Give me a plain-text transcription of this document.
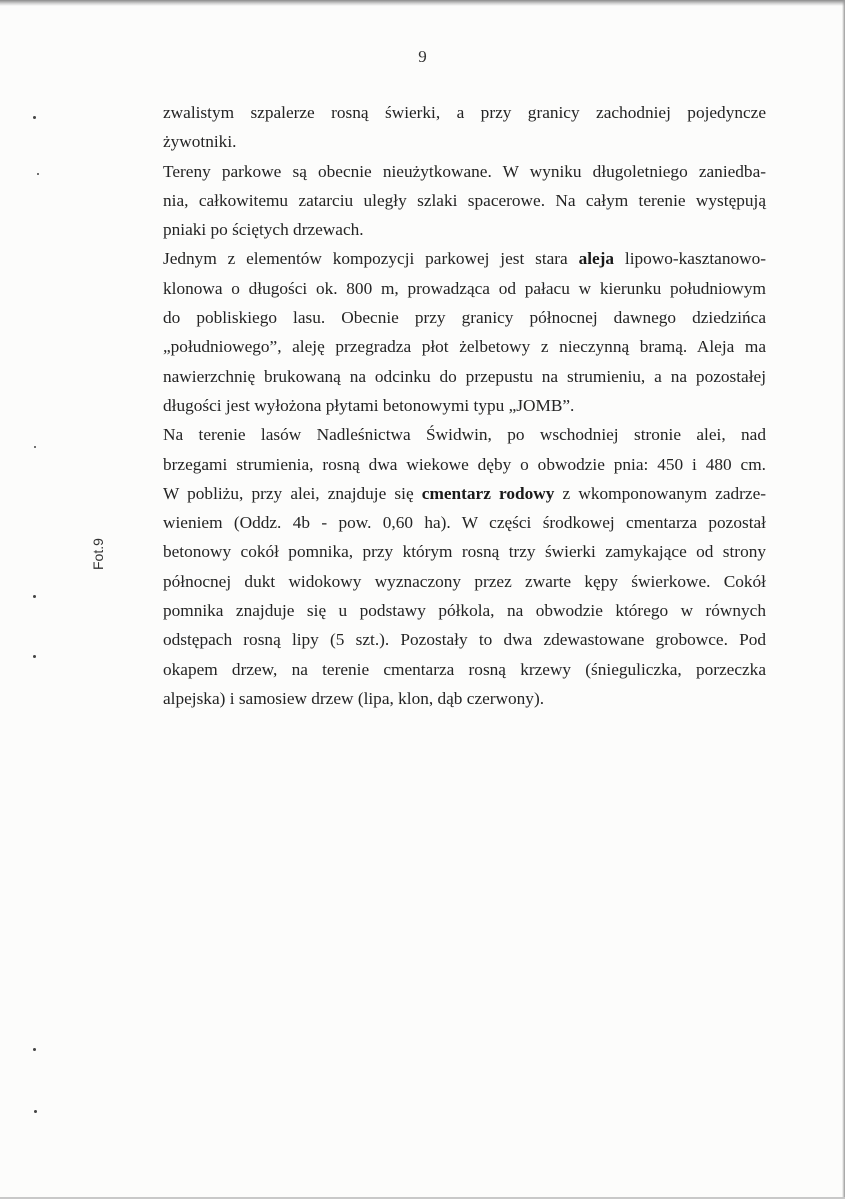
9
zwalistym szpalerze rosną świerki, a przy granicy zachodniej pojedyncze
żywotniki.
Tereny parkowe są obecnie nieużytkowane. W wyniku długoletniego zaniedba-
nia, całkowitemu zatarciu uległy szlaki spacerowe. Na całym terenie występują
pniaki po ściętych drzewach.
Jednym z elementów kompozycji parkowej jest stara aleja lipowo-kasztanowo-
klonowa o długości ok. 800 m, prowadząca od pałacu w kierunku południowym
do pobliskiego lasu. Obecnie przy granicy północnej dawnego dziedzińca
„południowego”, aleję przegradza płot żelbetowy z nieczynną bramą. Aleja ma
nawierzchnię brukowaną na odcinku do przepustu na strumieniu, a na pozostałej
długości jest wyłożona płytami betonowymi typu „JOMB”.
Na terenie lasów Nadleśnictwa Świdwin, po wschodniej stronie alei, nad
brzegami strumienia, rosną dwa wiekowe dęby o obwodzie pnia: 450 i 480 cm.
W pobliżu, przy alei, znajduje się cmentarz rodowy z wkomponowanym zadrze-
wieniem (Oddz. 4b - pow. 0,60 ha). W części środkowej cmentarza pozostał
betonowy cokół pomnika, przy którym rosną trzy świerki zamykające od strony
północnej dukt widokowy wyznaczony przez zwarte kępy świerkowe. Cokół
pomnika znajduje się u podstawy półkola, na obwodzie którego w równych
odstępach rosną lipy (5 szt.). Pozostały to dwa zdewastowane grobowce. Pod
okapem drzew, na terenie cmentarza rosną krzewy (śnieguliczka, porzeczka
alpejska) i samosiew drzew (lipa, klon, dąb czerwony).
Fot.9
